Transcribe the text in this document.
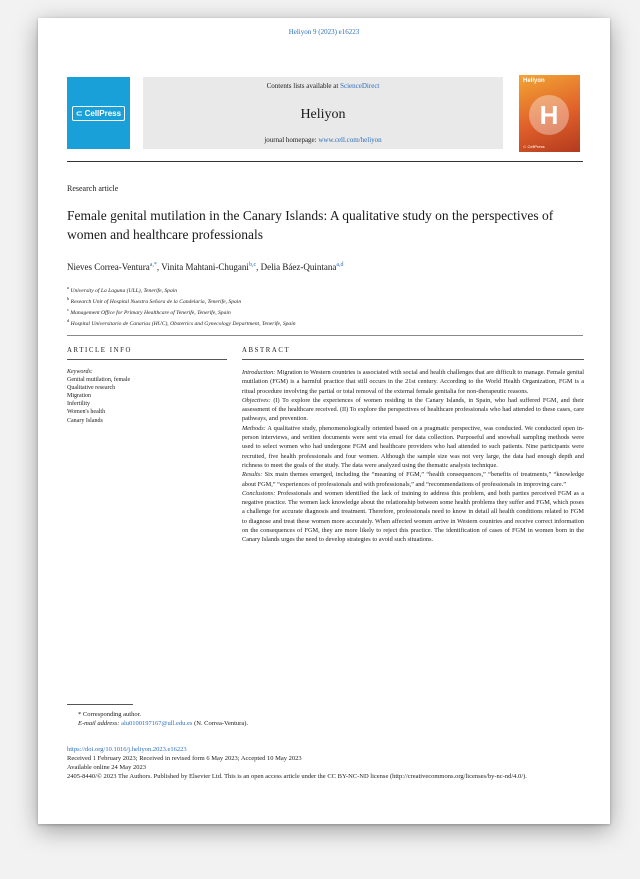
Heliyon 9 (2023) e16223
⊂ CellPress
Contents lists available at ScienceDirect
Heliyon
journal homepage: www.cell.com/heliyon
Heliyon
H
⊂ CellPress
Research article
Female genital mutilation in the Canary Islands: A qualitative study on the perspectives of women and healthcare professionals
Nieves Correa-Ventura$^{a,*}$, Vinita Mahtani-Chugani$^{b,c}$, Delia Báez-Quintana$^{a,d}$
$^a$ University of La Laguna (ULL), Tenerife, Spain
$^b$ Research Unit of Hospital Nuestra Señora de la Candelaria, Tenerife, Spain
$^c$ Management Office for Primary Healthcare of Tenerife, Tenerife, Spain
$^d$ Hospital Universitario de Canarias (HUC), Obstetrics and Gynecology Department, Tenerife, Spain
ARTICLE INFO	ABSTRACT
Keywords:
Genital mutilation, female
Qualitative research
Migration
Infertility
Women's health
Canary Islands

Introduction: Migration to Western countries is associated with social and health challenges that are difficult to manage. Female genital mutilation (FGM) is a harmful practice that still occurs in the 21st century. According to the World Health Organization, FGM is a ritual procedure involving the partial or total removal of the external female genitalia for non-therapeutic reasons.

Objectives: (I) To explore the experiences of women residing in the Canary Islands, in Spain, who had suffered FGM, and their assessment of the healthcare received. (II) To explore the perspectives of healthcare professionals who had attended to these cases, care pathways, and prevention.

Methods: A qualitative study, phenomenologically oriented based on a pragmatic perspective, was conducted. We conducted open in-person interviews, and written documents were sent via email for data collection. Purposeful and snowball sampling methods were used to select women who had undergone FGM and healthcare providers who had attended to such patients. Nine participants were recruited, five health professionals and four women. Although the sample size was not very large, the data had enough depth and richness to meet the goals of the study. The data were analyzed using the thematic analysis technique.

Results: Six main themes emerged, including the “meaning of FGM,” “health consequences,” “benefits of treatments,” “knowledge about FGM,” “experiences of professionals and with professionals,” and “recommendations of professionals in improving care.”

Conclusions: Professionals and women identified the lack of training to address this problem, and both parties perceived FGM as a negative practice. The women lack knowledge about the relationship between some health problems they suffer and FGM, which poses a challenge for accurate diagnosis and treatment. Therefore, professionals need to know in detail all health conditions related to FGM to diagnose and treat these women more accurately. When affected women arrive in Western countries and receive correct information on the consequences of FGM, they are more likely to reject this practice. The identification of cases of FGM in women born in the Canary Islands urges the need to develop strategies to avoid such situations.

* Corresponding author.
E-mail address: alu0100197167@ull.edu.es (N. Correa-Ventura).

https://doi.org/10.1016/j.heliyon.2023.e16223

Received 1 February 2023; Received in revised form 6 May 2023; Accepted 10 May 2023

Available online 24 May 2023

2405-8440/© 2023 The Authors. Published by Elsevier Ltd. This is an open access article under the CC BY-NC-ND license (http://creativecommons.org/licenses/by-nc-nd/4.0/).
